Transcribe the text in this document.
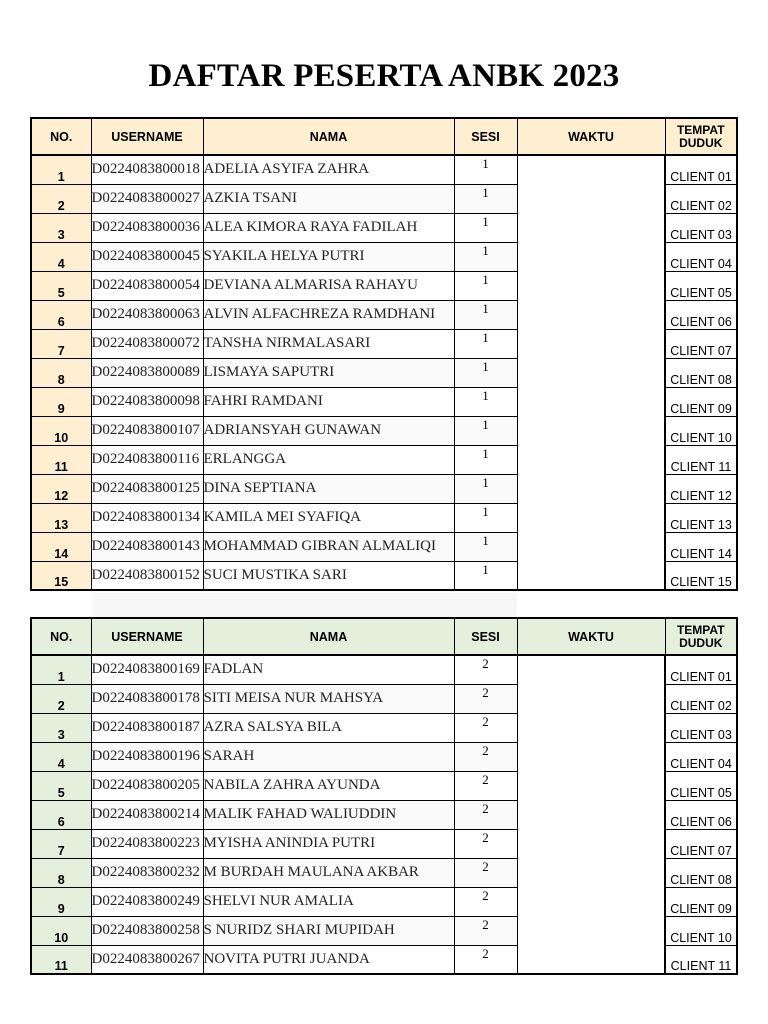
DAFTAR PESERTA ANBK 2023
NO.	USERNAME	NAMA	SESI	WAKTU	TEMPAT
DUDUK
1	D0224083800018	ADELIA ASYIFA ZAHRA	1		CLIENT 01
2	D0224083800027	AZKIA TSANI	1		CLIENT 02
3	D0224083800036	ALEA KIMORA RAYA FADILAH	1		CLIENT 03
4	D0224083800045	SYAKILA HELYA PUTRI	1		CLIENT 04
5	D0224083800054	DEVIANA ALMARISA RAHAYU	1		CLIENT 05
6	D0224083800063	ALVIN ALFACHREZA RAMDHANI	1		CLIENT 06
7	D0224083800072	TANSHA NIRMALASARI	1		CLIENT 07
8	D0224083800089	LISMAYA SAPUTRI	1		CLIENT 08
9	D0224083800098	FAHRI RAMDANI	1		CLIENT 09
10	D0224083800107	ADRIANSYAH GUNAWAN	1		CLIENT 10
11	D0224083800116	ERLANGGA	1		CLIENT 11
12	D0224083800125	DINA SEPTIANA	1		CLIENT 12
13	D0224083800134	KAMILA MEI SYAFIQA	1		CLIENT 13
14	D0224083800143	MOHAMMAD GIBRAN ALMALIQI	1		CLIENT 14
15	D0224083800152	SUCI MUSTIKA SARI	1		CLIENT 15
NO.	USERNAME	NAMA	SESI	WAKTU	TEMPAT
DUDUK
1	D0224083800169	FADLAN	2		CLIENT 01
2	D0224083800178	SITI MEISA NUR MAHSYA	2		CLIENT 02
3	D0224083800187	AZRA SALSYA BILA	2		CLIENT 03
4	D0224083800196	SARAH	2		CLIENT 04
5	D0224083800205	NABILA ZAHRA AYUNDA	2		CLIENT 05
6	D0224083800214	MALIK FAHAD WALIUDDIN	2		CLIENT 06
7	D0224083800223	MYISHA ANINDIA PUTRI	2		CLIENT 07
8	D0224083800232	M BURDAH MAULANA AKBAR	2		CLIENT 08
9	D0224083800249	SHELVI NUR AMALIA	2		CLIENT 09
10	D0224083800258	S NURIDZ SHARI MUPIDAH	2		CLIENT 10
11	D0224083800267	NOVITA PUTRI JUANDA	2		CLIENT 11
